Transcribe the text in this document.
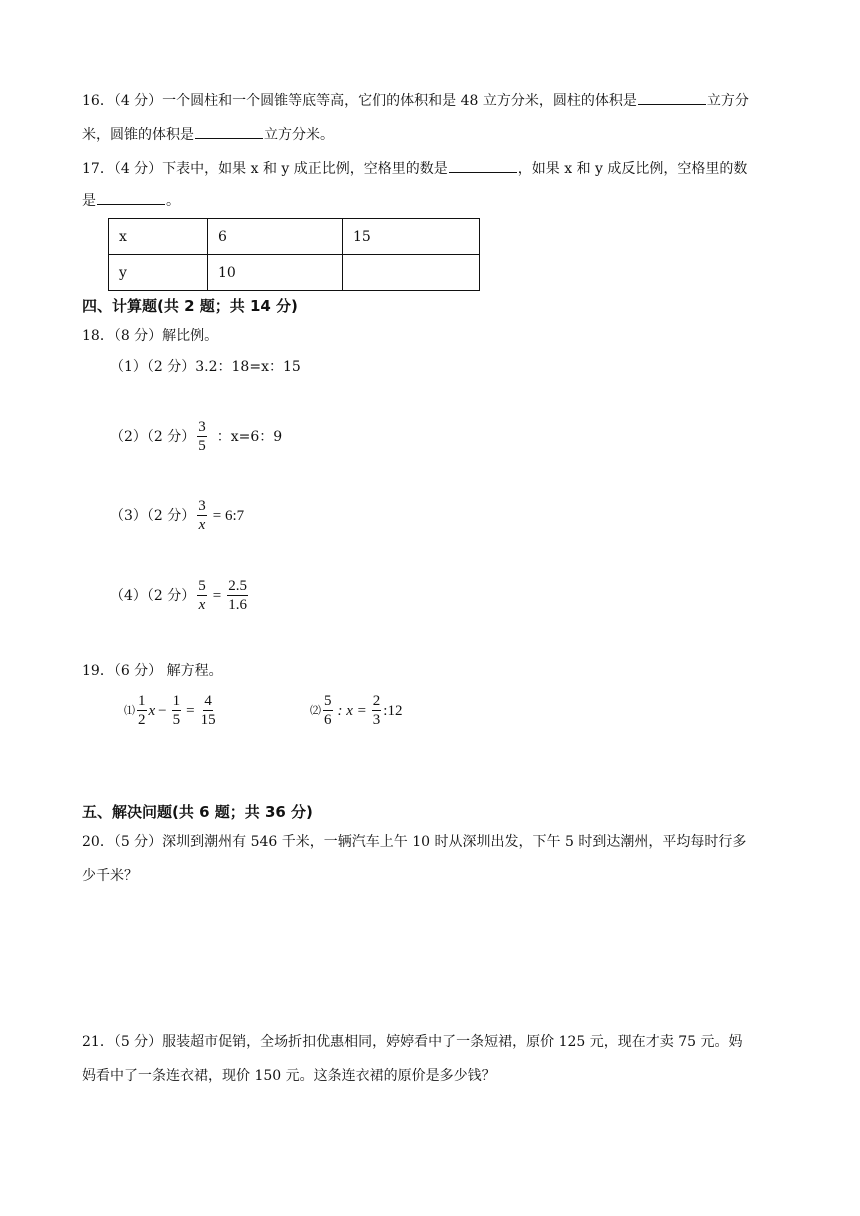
16．（4 分）一个圆柱和一个圆锥等底等高，它们的体积和是 48 立方分米，圆柱的体积是	立方分
米，圆锥的体积是	立方分米。
17．（4 分）下表中，如果 x 和 y 成正比例，空格里的数是	，如果 x 和 y 成反比例，空格里的数
是	。
x	6	15
y	10	
四、计算题(共 2 题；共 14 分)
18．（8 分）解比例。
（1）（2 分）3.2：18=x：15
（2）（2 分） $\frac{3}{5}$ ：x=6：9
（3）（2 分） $\frac{3}{x}$ = 6:7
（4）（2 分） $\frac{5}{x} = \frac{2.5}{1.6}$
19．（6 分） 解方程。
⑴ $\frac{1}{2}$ $x - \frac{1}{5} = \frac{4}{15}$	⑵ $\frac{5}{6}$ : $x = \frac{2}{3}$ :12
五、解决问题(共 6 题；共 36 分)
20．（5 分）深圳到潮州有 546 千米，一辆汽车上午 10 时从深圳出发，下午 5 时到达潮州，平均每时行多
少千米？
21．（5 分）服装超市促销，全场折扣优惠相同，婷婷看中了一条短裙，原价 125 元，现在才卖 75 元。妈
妈看中了一条连衣裙，现价 150 元。这条连衣裙的原价是多少钱？
